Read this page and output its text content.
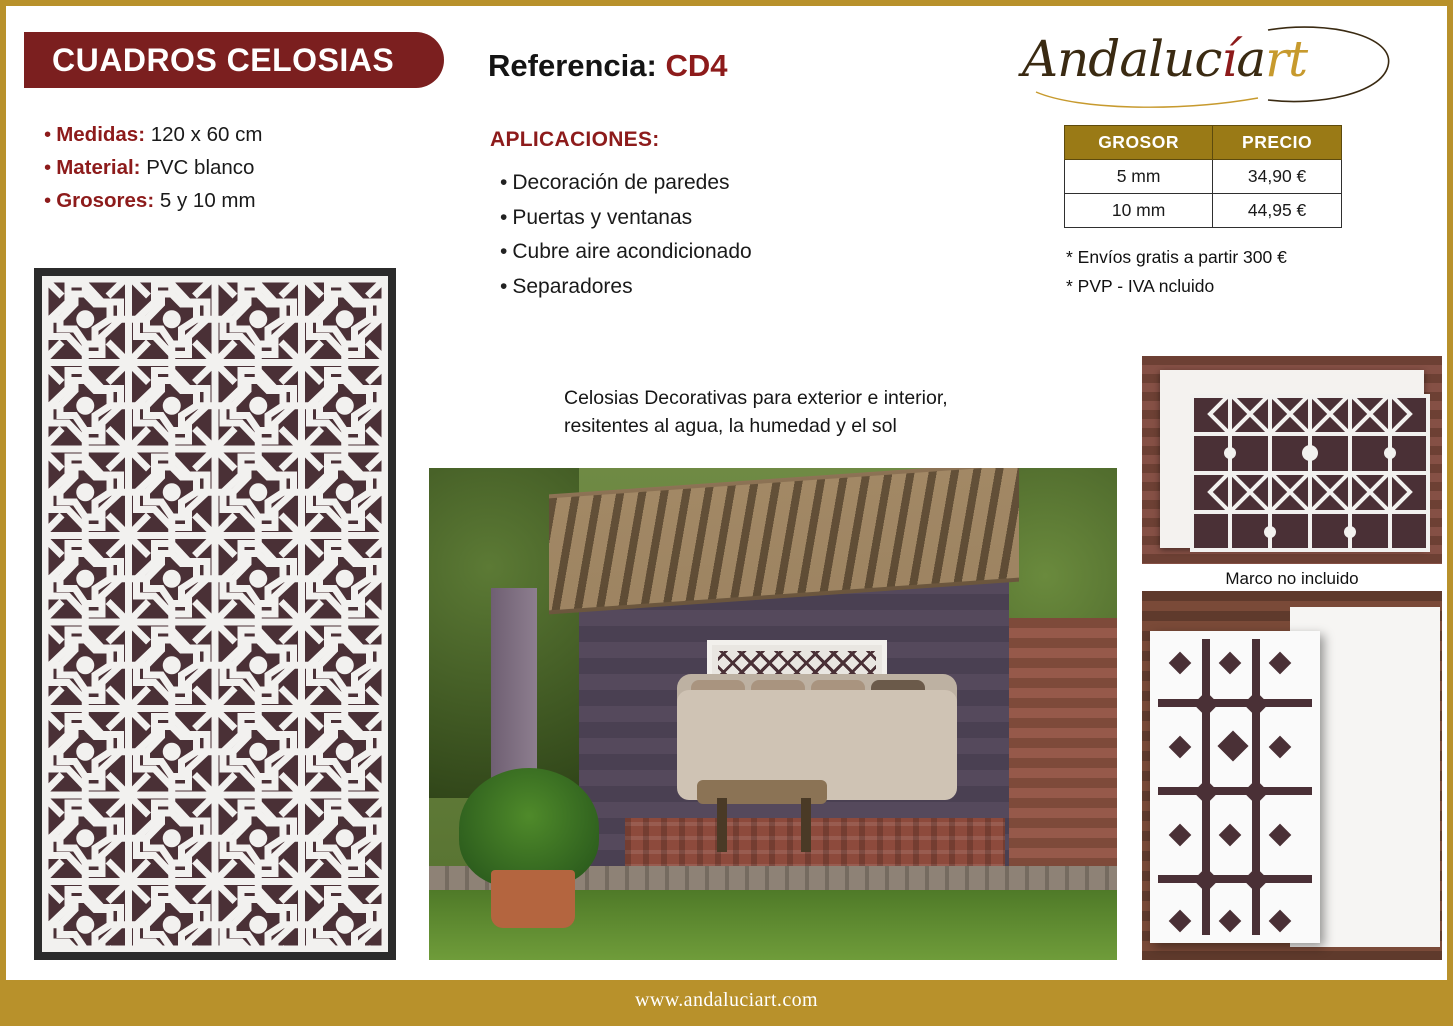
CUADROS CELOSIAS	Referencia: CD4	Andalucíart
• Medidas: 120 x 60 cm
• Material: PVC blanco
• Grosores: 5 y 10 mm
APLICACIONES:
• Decoración de paredes
• Puertas y ventanas
• Cubre aire acondicionado
• Separadores
GROSOR	PRECIO
5 mm	34,90 €
10 mm	44,95 €
* Envíos gratis a partir 300 €
* PVP - IVA ncluido
Celosias Decorativas para exterior e interior,
resitentes al agua, la humedad y el sol
Marco no incluido
www.andaluciart.com
